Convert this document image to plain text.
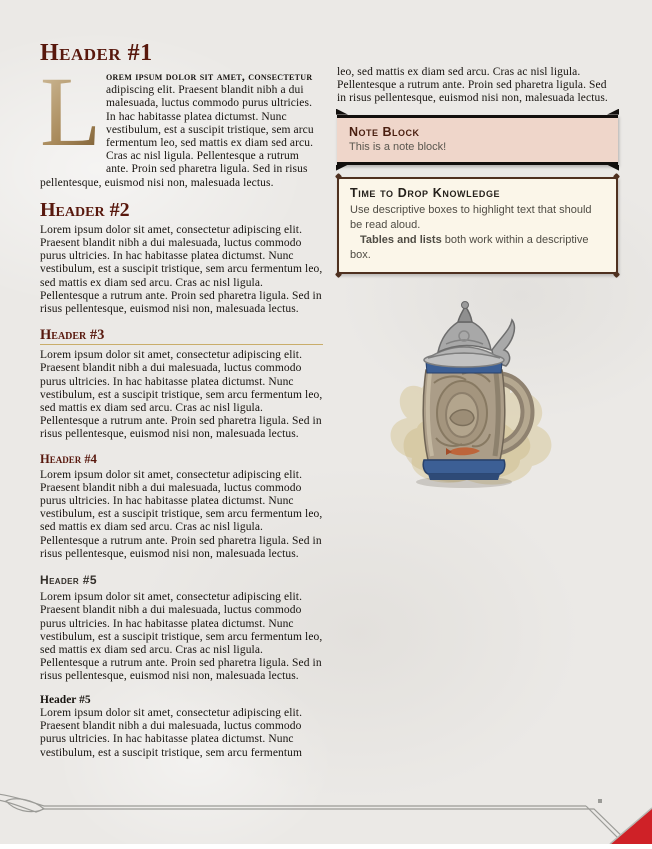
Header #1
L orem ipsum dolor sit amet, consectetur adipiscing elit. Praesent blandit nibh a dui malesuada, luctus commodo purus ultricies. In hac habitasse platea dictumst. Nunc vestibulum, est a suscipit tristique, sem arcu fermentum leo, sed mattis ex diam sed arcu. Cras ac nisl ligula. Pellentesque a rutrum ante. Proin sed pharetra ligula. Sed in risus pellentesque, euismod nisi non, malesuada lectus.
Header #2
Lorem ipsum dolor sit amet, consectetur adipiscing elit. Praesent blandit nibh a dui malesuada, luctus commodo purus ultricies. In hac habitasse platea dictumst. Nunc vestibulum, est a suscipit tristique, sem arcu fermentum leo, sed mattis ex diam sed arcu. Cras ac nisl ligula. Pellentesque a rutrum ante. Proin sed pharetra ligula. Sed in risus pellentesque, euismod nisi non, malesuada lectus.
Header #3
Lorem ipsum dolor sit amet, consectetur adipiscing elit. Praesent blandit nibh a dui malesuada, luctus commodo purus ultricies. In hac habitasse platea dictumst. Nunc vestibulum, est a suscipit tristique, sem arcu fermentum leo, sed mattis ex diam sed arcu. Cras ac nisl ligula. Pellentesque a rutrum ante. Proin sed pharetra ligula. Sed in risus pellentesque, euismod nisi non, malesuada lectus.
Header #4
Lorem ipsum dolor sit amet, consectetur adipiscing elit. Praesent blandit nibh a dui malesuada, luctus commodo purus ultricies. In hac habitasse platea dictumst. Nunc vestibulum, est a suscipit tristique, sem arcu fermentum leo, sed mattis ex diam sed arcu. Cras ac nisl ligula. Pellentesque a rutrum ante. Proin sed pharetra ligula. Sed in risus pellentesque, euismod nisi non, malesuada lectus.
Header #5
Lorem ipsum dolor sit amet, consectetur adipiscing elit. Praesent blandit nibh a dui malesuada, luctus commodo purus ultricies. In hac habitasse platea dictumst. Nunc vestibulum, est a suscipit tristique, sem arcu fermentum leo, sed mattis ex diam sed arcu. Cras ac nisl ligula. Pellentesque a rutrum ante. Proin sed pharetra ligula. Sed in risus pellentesque, euismod nisi non, malesuada lectus.
Header #5
Lorem ipsum dolor sit amet, consectetur adipiscing elit. Praesent blandit nibh a dui malesuada, luctus commodo purus ultricies. In hac habitasse platea dictumst. Nunc vestibulum, est a suscipit tristique, sem arcu fermentum
leo, sed mattis ex diam sed arcu. Cras ac nisl ligula. Pellentesque a rutrum ante. Proin sed pharetra ligula. Sed in risus pellentesque, euismod nisi non, malesuada lectus.
Note Block
This is a note block!
Time to Drop Knowledge
Use descriptive boxes to highlight text that should be read aloud.
Tables and lists both work within a descriptive box.
